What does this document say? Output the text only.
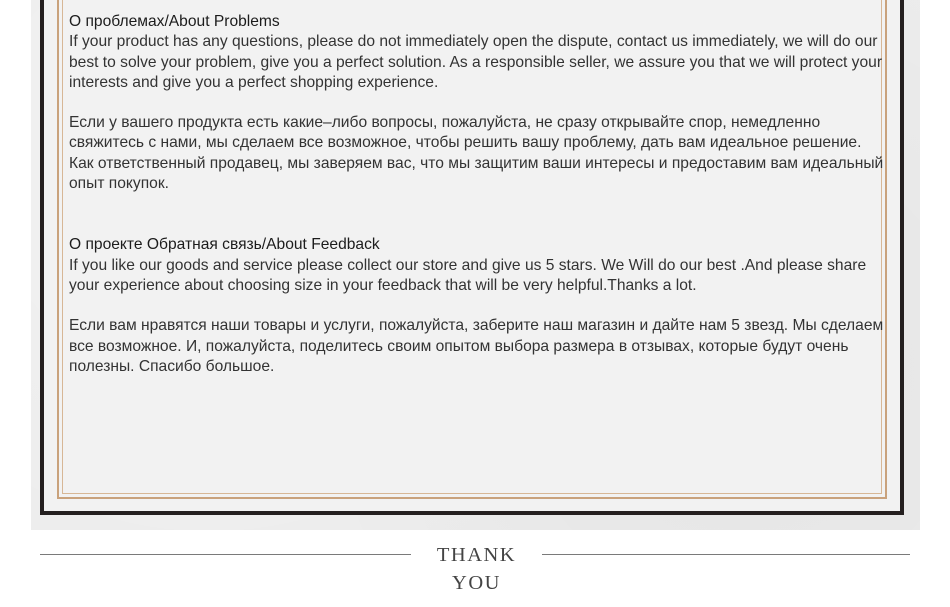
О проблемах/About Problems

If your product has any questions, please do not immediately open the dispute, contact us immediately, we will do our best to solve your problem, give you a perfect solution. As a responsible seller, we assure you that we will protect your interests and give you a perfect shopping experience.

Если у вашего продукта есть какие–либо вопросы, пожалуйста, не сразу открывайте спор, немедленно свяжитесь с нами, мы сделаем все возможное, чтобы решить вашу проблему, дать вам идеальное решение. Как ответственный продавец, мы заверяем вас, что мы защитим ваши интересы и предоставим вам идеальный опыт покупок.

О проекте Обратная связь/About Feedback

If you like our goods and service please collect our store and give us 5 stars. We Will do our best .And please share your experience about choosing size in your feedback that will be very helpful.Thanks a lot.

Если вам нравятся наши товары и услуги, пожалуйста, заберите наш магазин и дайте нам 5 звезд. Мы сделаем все возможное. И, пожалуйста, поделитесь своим опытом выбора размера в отзывах, которые будут очень полезны. Спасибо большое.

THANK YOU
